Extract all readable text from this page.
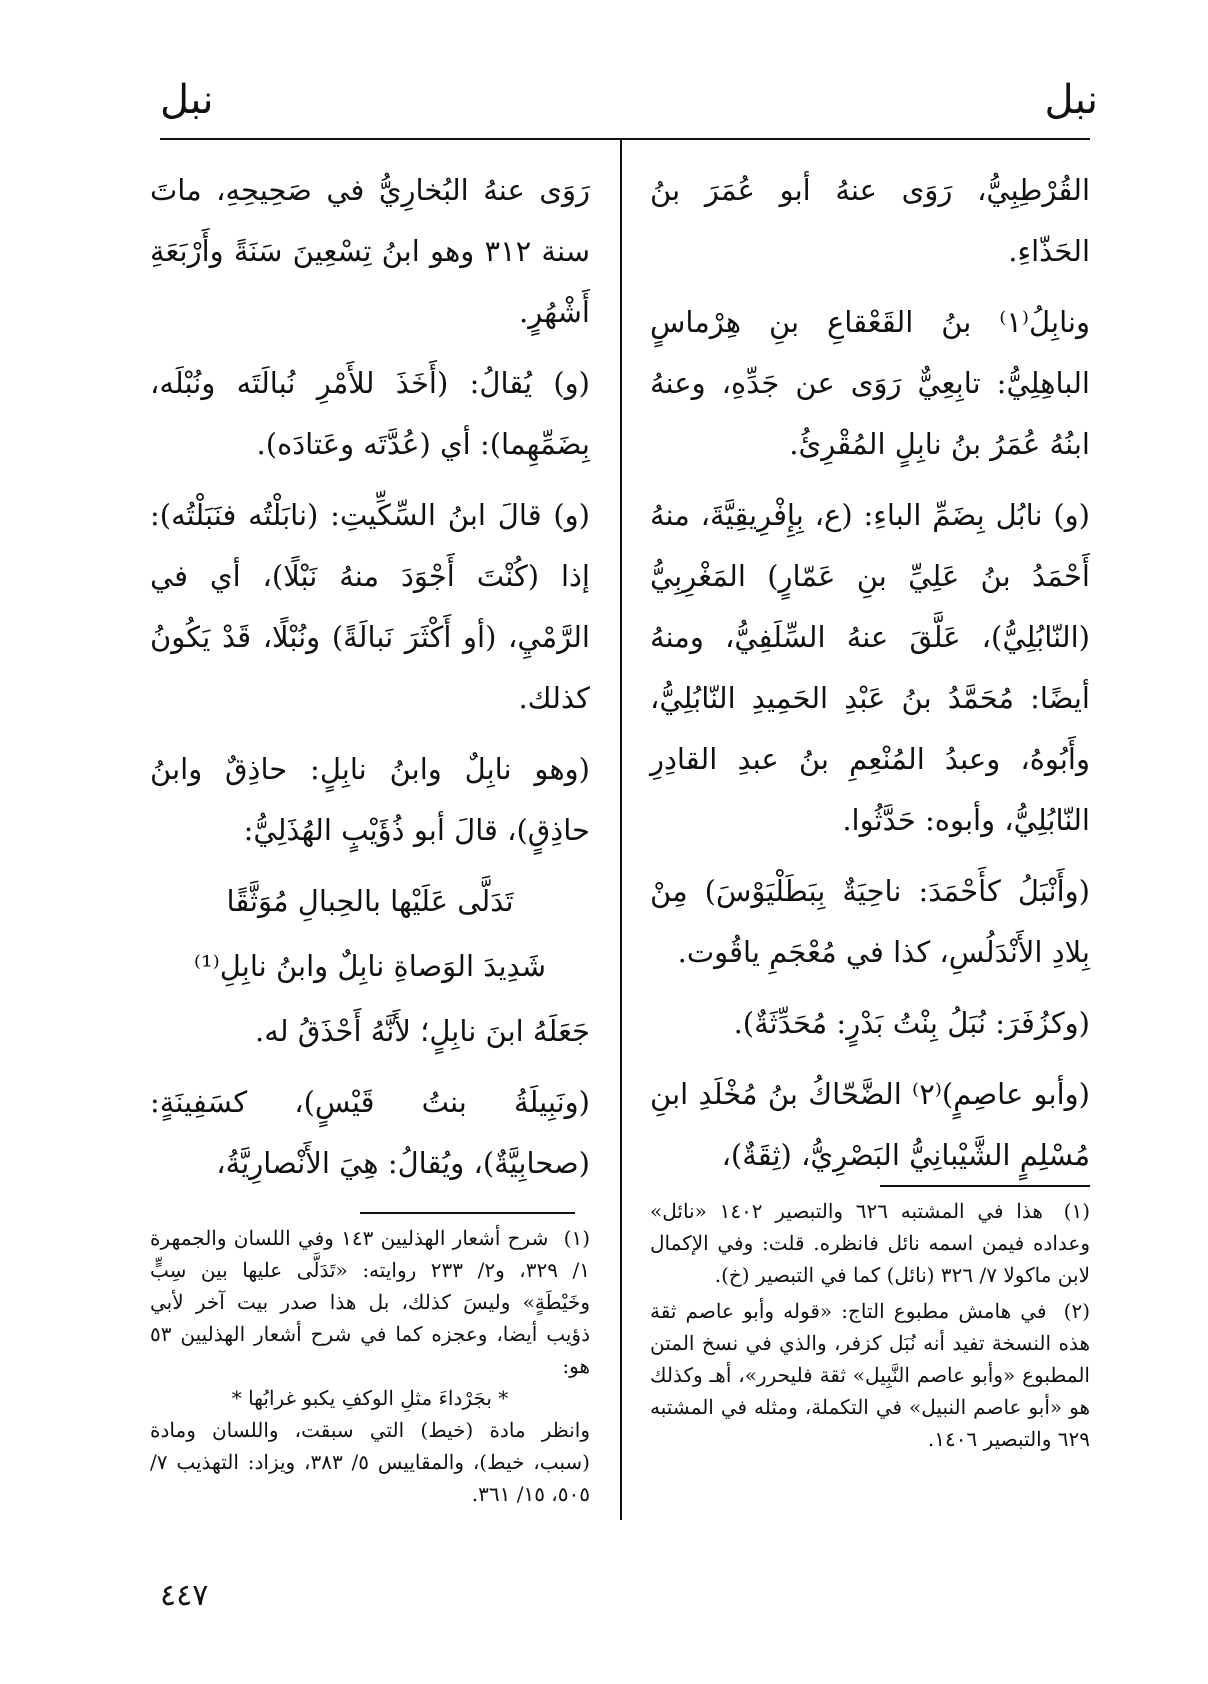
نبل
نبل

القُرْطِبِيُّ، رَوَى عنهُ أبو عُمَرَ بنُ الحَذّاءِ.

ونابِلُ⁽١⁾ بنُ القَعْقاعِ بنِ هِرْماسٍ الباهِلِيُّ: تابِعِيٌّ رَوَى عن جَدِّهِ، وعنهُ ابنُهُ عُمَرُ بنُ نابِلٍ المُقْرِئُ.

(و) نابُل بِضَمِّ الباءِ: (ع، بِإِفْرِيقِيَّةَ، منهُ أَحْمَدُ بنُ عَلِيِّ بنِ عَمّارٍ) المَغْرِبِيُّ (النّابُلِيُّ)، عَلَّقَ عنهُ السِّلَفِيُّ، ومنهُ أيضًا: مُحَمَّدُ بنُ عَبْدِ الحَمِيدِ النّابُلِيُّ، وأَبُوهُ، وعبدُ المُنْعِمِ بنُ عبدِ القادِرِ النّابُلِيُّ، وأبوه: حَدَّثُوا.

(وأَنْبَلُ كأَحْمَدَ: ناحِيَةٌ بِبَطَلْيَوْسَ) مِنْ بِلادِ الأَنْدَلُسِ، كذا في مُعْجَمِ ياقُوت.

(وكزُفَرَ: نُبَلُ بِنْتُ بَدْرٍ: مُحَدِّثَةٌ).

(وأبو عاصِمٍ)⁽٢⁾ الضَّحّاكُ بنُ مُخْلَدِ ابنِ مُسْلِمٍ الشَّيْبانِيُّ البَصْرِيُّ، (ثِقَةٌ)،

رَوَى عنهُ البُخارِيُّ في صَحِيحِهِ، ماتَ سنة ٣١٢ وهو ابنُ تِسْعِينَ سَنَةً وأَرْبَعَةِ أَشْهُرٍ.

(و) يُقالُ: (أَخَذَ للأَمْرِ نُبالَتَه ونُبْلَه، بِضَمِّهِما): أي (عُدَّتَه وعَتادَه).

(و) قالَ ابنُ السِّكِّيتِ: (نابَلْتُه فنَبَلْتُه): إذا (كُنْتَ أَجْوَدَ منهُ نَبْلًا)، أي في الرَّمْيِ، (أو أَكْثَرَ نَبالَةً) ونُبْلًا، قَدْ يَكُونُ كذلك.

(وهو نابِلٌ وابنُ نابِلٍ: حاذِقٌ وابنُ حاذِقٍ)، قالَ أبو ذُؤَيْبٍ الهُذَلِيُّ:

تَدَلَّى عَلَيْها بالحِبالِ مُوَثَّقًا
شَدِيدَ الوَصاةِ نابِلٌ وابنُ نابِلِ⁽¹⁾

جَعَلَهُ ابنَ نابِلٍ؛ لأَنَّهُ أَحْذَقُ له.

(ونَبِيلَةُ بنتُ قَيْسٍ)، كسَفِينَةٍ: (صحابِيَّةٌ)، ويُقالُ: هِيَ الأَنْصارِيَّةُ،

(١) هذا في المشتبه ٦٢٦ والتبصير ١٤٠٢ «نائل» وعداده فيمن اسمه نائل فانظره. قلت: وفي الإكمال لابن ماكولا ٧/ ٣٢٦ (نائل) كما في التبصير (خ).

(٢) في هامش مطبوع التاج: «قوله وأبو عاصم ثقة هذه النسخة تفيد أنه نُبَل كزفر، والذي في نسخ المتن المطبوع «وأبو عاصم النَّبِيل» ثقة فليحرر»، أهـ وكذلك هو «أبو عاصم النبيل» في التكملة، ومثله في المشتبه ٦٢٩ والتبصير ١٤٠٦.

(١) شرح أشعار الهذليين ١٤٣ وفي اللسان والجمهرة ١/ ٣٢٩، و٢/ ٢٣٣ روايته: «تَدَلَّى عليها بين سِبٍّ وخَيْطَةٍ» وليسَ كذلك، بل هذا صدر بيت آخر لأبي ذؤيب أيضا، وعجزه كما في شرح أشعار الهذليين ٥٣ هو:
* بجَرْداءَ مثلِ الوكفِ يكبو غرابُها *
وانظر مادة (خيط) التي سبقت، واللسان ومادة (سبب، خيط)، والمقاييس ٥/ ٣٨٣، ويزاد: التهذيب ٧/ ٥٠٥، ١٥/ ٣٦١.

٤٤٧
